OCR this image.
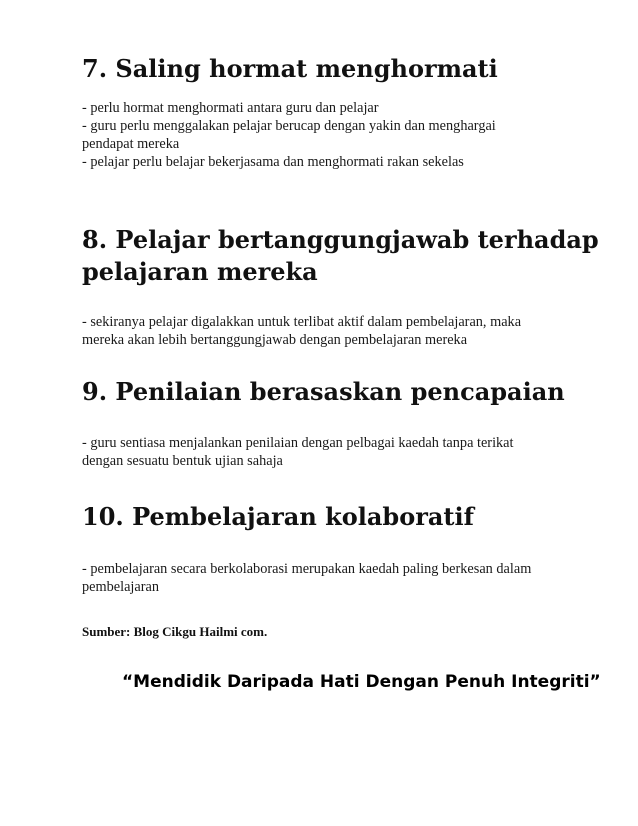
7. Saling hormat menghormati
- perlu hormat menghormati antara guru dan pelajar
- guru perlu menggalakan pelajar berucap dengan yakin dan menghargai
pendapat mereka
- pelajar perlu belajar bekerjasama dan menghormati rakan sekelas
8. Pelajar bertanggungjawab terhadap
pelajaran mereka
- sekiranya pelajar digalakkan untuk terlibat aktif dalam pembelajaran, maka
mereka akan lebih bertanggungjawab dengan pembelajaran mereka
9. Penilaian berasaskan pencapaian
- guru sentiasa menjalankan penilaian dengan pelbagai kaedah tanpa terikat
dengan sesuatu bentuk ujian sahaja
10. Pembelajaran kolaboratif
- pembelajaran secara berkolaborasi merupakan kaedah paling berkesan dalam
pembelajaran

Sumber: Blog Cikgu Hailmi com.

“Mendidik Daripada Hati Dengan Penuh Integriti”
